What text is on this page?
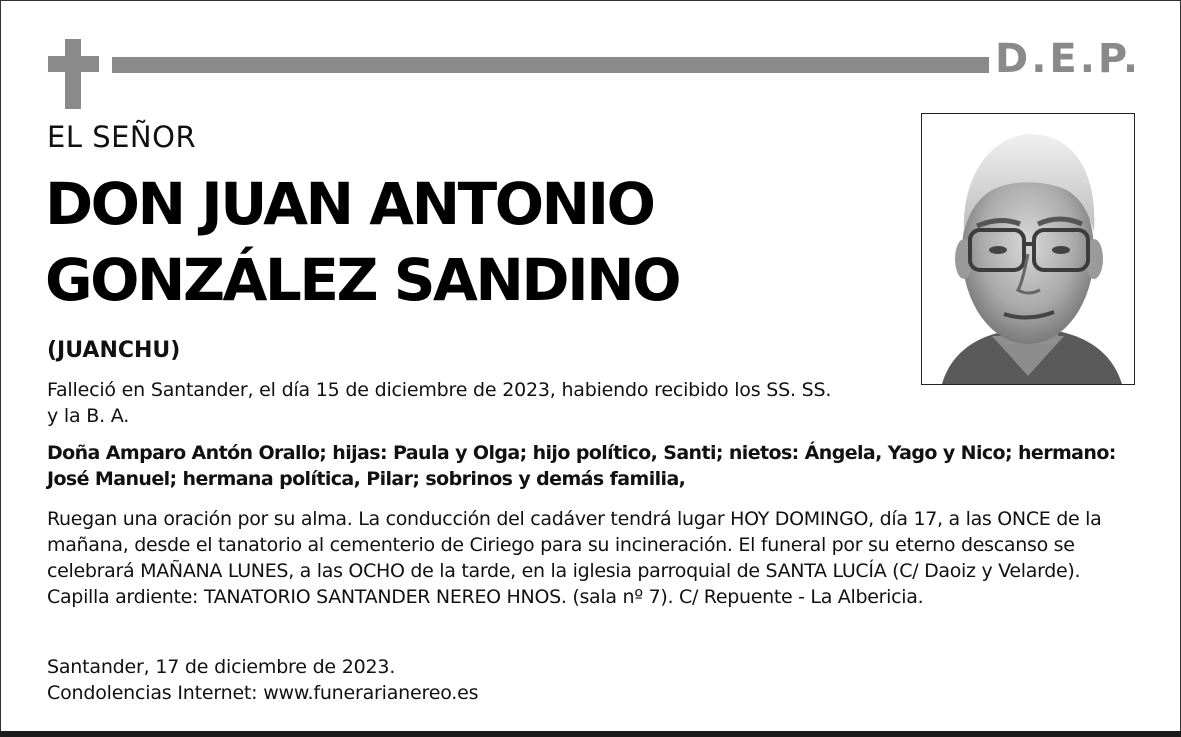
D.E.P.
EL SEÑOR
DON JUAN ANTONIO
GONZÁLEZ SANDINO
(JUANCHU)
Falleció en Santander, el día 15 de diciembre de 2023, habiendo recibido los SS. SS.
y la B. A.
Doña Amparo Antón Orallo; hijas: Paula y Olga; hijo político, Santi; nietos: Ángela, Yago y Nico; hermano: José Manuel; hermana política, Pilar; sobrinos y demás familia,
Ruegan una oración por su alma. La conducción del cadáver tendrá lugar HOY DOMINGO, día 17, a las ONCE de la mañana, desde el tanatorio al cementerio de Ciriego para su incineración. El funeral por su eterno descanso se celebrará MAÑANA LUNES, a las OCHO de la tarde, en la iglesia parroquial de SANTA LUCÍA (C/ Daoiz y Velarde). Capilla ardiente: TANATORIO SANTANDER NEREO HNOS. (sala nº 7). C/ Repuente - La Albericia.
Santander, 17 de diciembre de 2023.
Condolencias Internet: www.funerarianereo.es
